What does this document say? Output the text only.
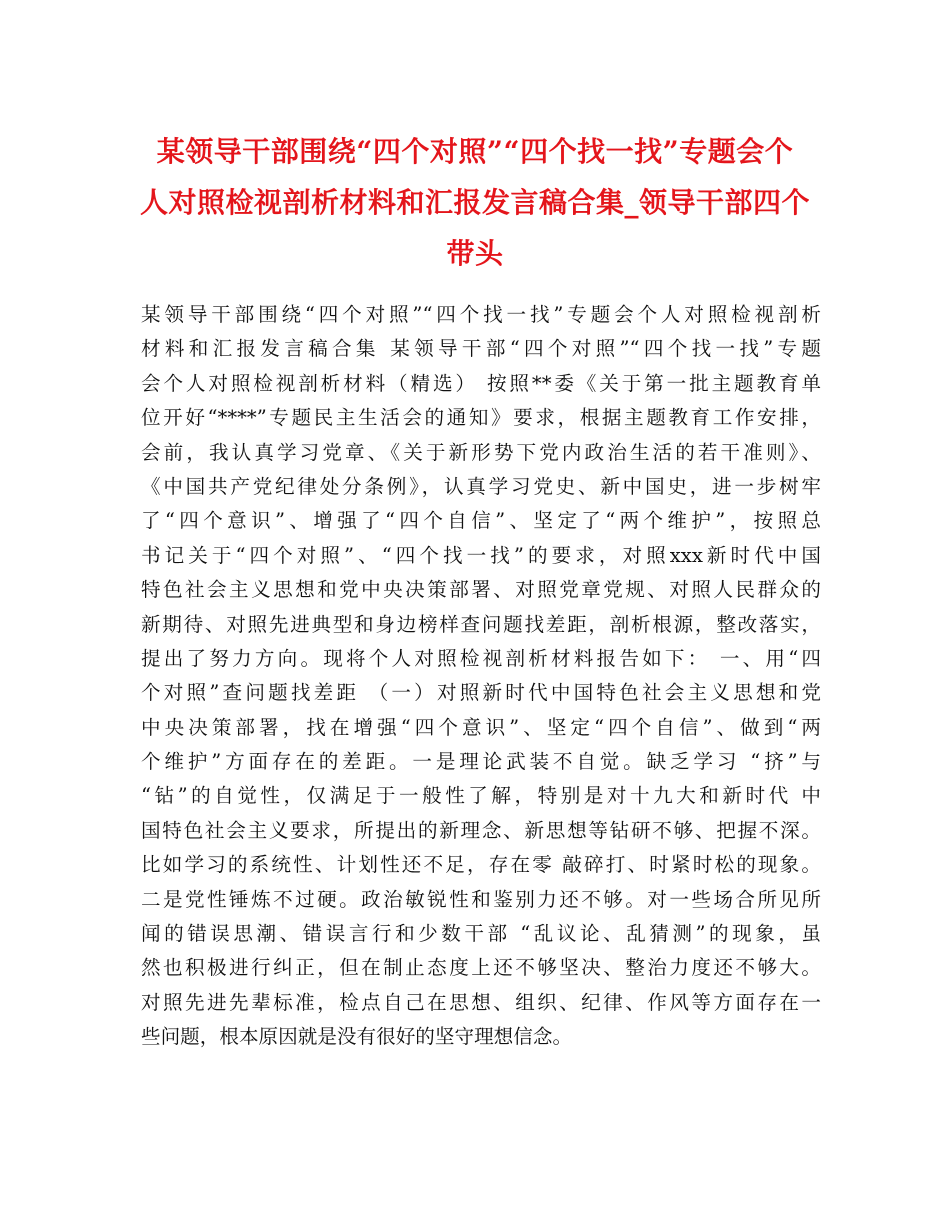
某领导干部围绕“四个对照”“四个找一找”专题会个
人对照检视剖析材料和汇报发言稿合集_领导干部四个
带头
某领导干部围绕“四个对照”“四个找一找”专题会个人对照检视剖析
材料和汇报发言稿合集 某领导干部“四个对照”“四个找一找”专题
会个人对照检视剖析材料（精选） 按照**委《关于第一批主题教育单
位开好“****”专题民主生活会的通知》要求，根据主题教育工作安排，
会前，我认真学习党章、《关于新形势下党内政治生活的若干准则》、
《中国共产党纪律处分条例》，认真学习党史、新中国史，进一步树牢
了“四个意识”、增强了“四个自信”、坚定了“两个维护”，按照总
书记关于“四个对照”、“四个找一找”的要求，对照xxx新时代中国
特色社会主义思想和党中央决策部署、对照党章党规、对照人民群众的
新期待、对照先进典型和身边榜样查问题找差距，剖析根源，整改落实，
提出了努力方向。现将个人对照检视剖析材料报告如下： 一、用“四
个对照”查问题找差距 （一）对照新时代中国特色社会主义思想和党
中央决策部署，找在增强“四个意识”、坚定“四个自信”、做到“两
个维护”方面存在的差距。一是理论武装不自觉。缺乏学习 “挤”与
“钻”的自觉性，仅满足于一般性了解，特别是对十九大和新时代 中
国特色社会主义要求，所提出的新理念、新思想等钻研不够、把握不深。
比如学习的系统性、计划性还不足，存在零 敲碎打、时紧时松的现象。
二是党性锤炼不过硬。政治敏锐性和鉴别力还不够。对一些场合所见所
闻的错误思潮、错误言行和少数干部 “乱议论、乱猜测”的现象，虽
然也积极进行纠正，但在制止态度上还不够坚决、整治力度还不够大。
对照先进先辈标准，检点自己在思想、组织、纪律、作风等方面存在一
些问题，根本原因就是没有很好的坚守理想信念。
